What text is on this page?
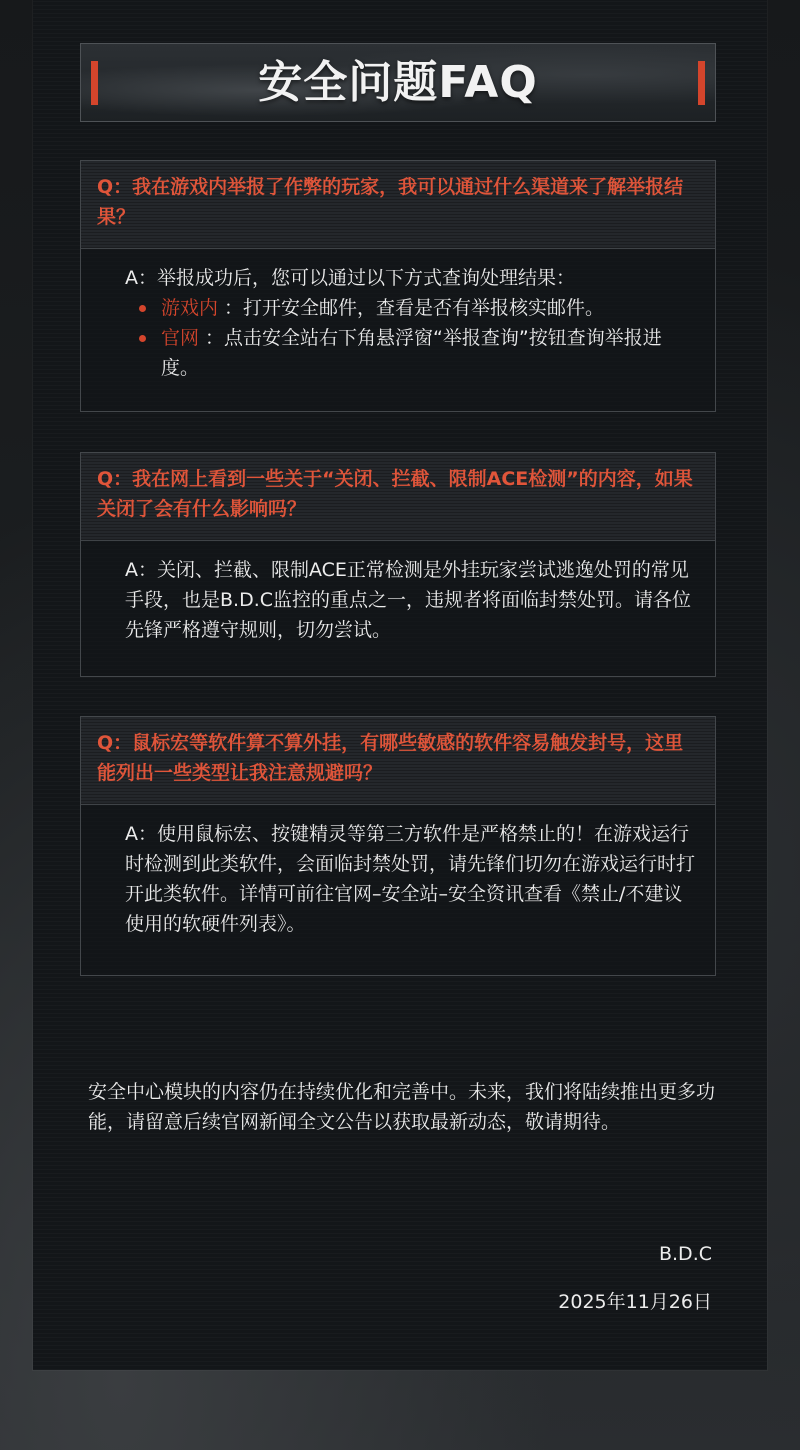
安全问题FAQ
Q：我在游戏内举报了作弊的玩家，我可以通过什么渠道来了解举报结果？

A：举报成功后，您可以通过以下方式查询处理结果：

游戏内 ：打开安全邮件，查看是否有举报核实邮件。
官网 ：点击安全站右下角悬浮窗“举报查询”按钮查询举报进度。
Q：我在网上看到一些关于“关闭、拦截、限制ACE检测”的内容，如果关闭了会有什么影响吗？

A：关闭、拦截、限制ACE正常检测是外挂玩家尝试逃逸处罚的常见手段，也是B.D.C监控的重点之一，违规者将面临封禁处罚。请各位先锋严格遵守规则，切勿尝试。

Q：鼠标宏等软件算不算外挂，有哪些敏感的软件容易触发封号，这里能列出一些类型让我注意规避吗？

A：使用鼠标宏、按键精灵等第三方软件是严格禁止的！在游戏运行时检测到此类软件，会面临封禁处罚，请先锋们切勿在游戏运行时打开此类软件。详情可前往官网–安全站–安全资讯查看《禁止/不建议使用的软硬件列表》。

安全中心模块的内容仍在持续优化和完善中。未来，我们将陆续推出更多功能，请留意后续官网新闻全文公告以获取最新动态，敬请期待。
B.D.C
2025年11月26日
